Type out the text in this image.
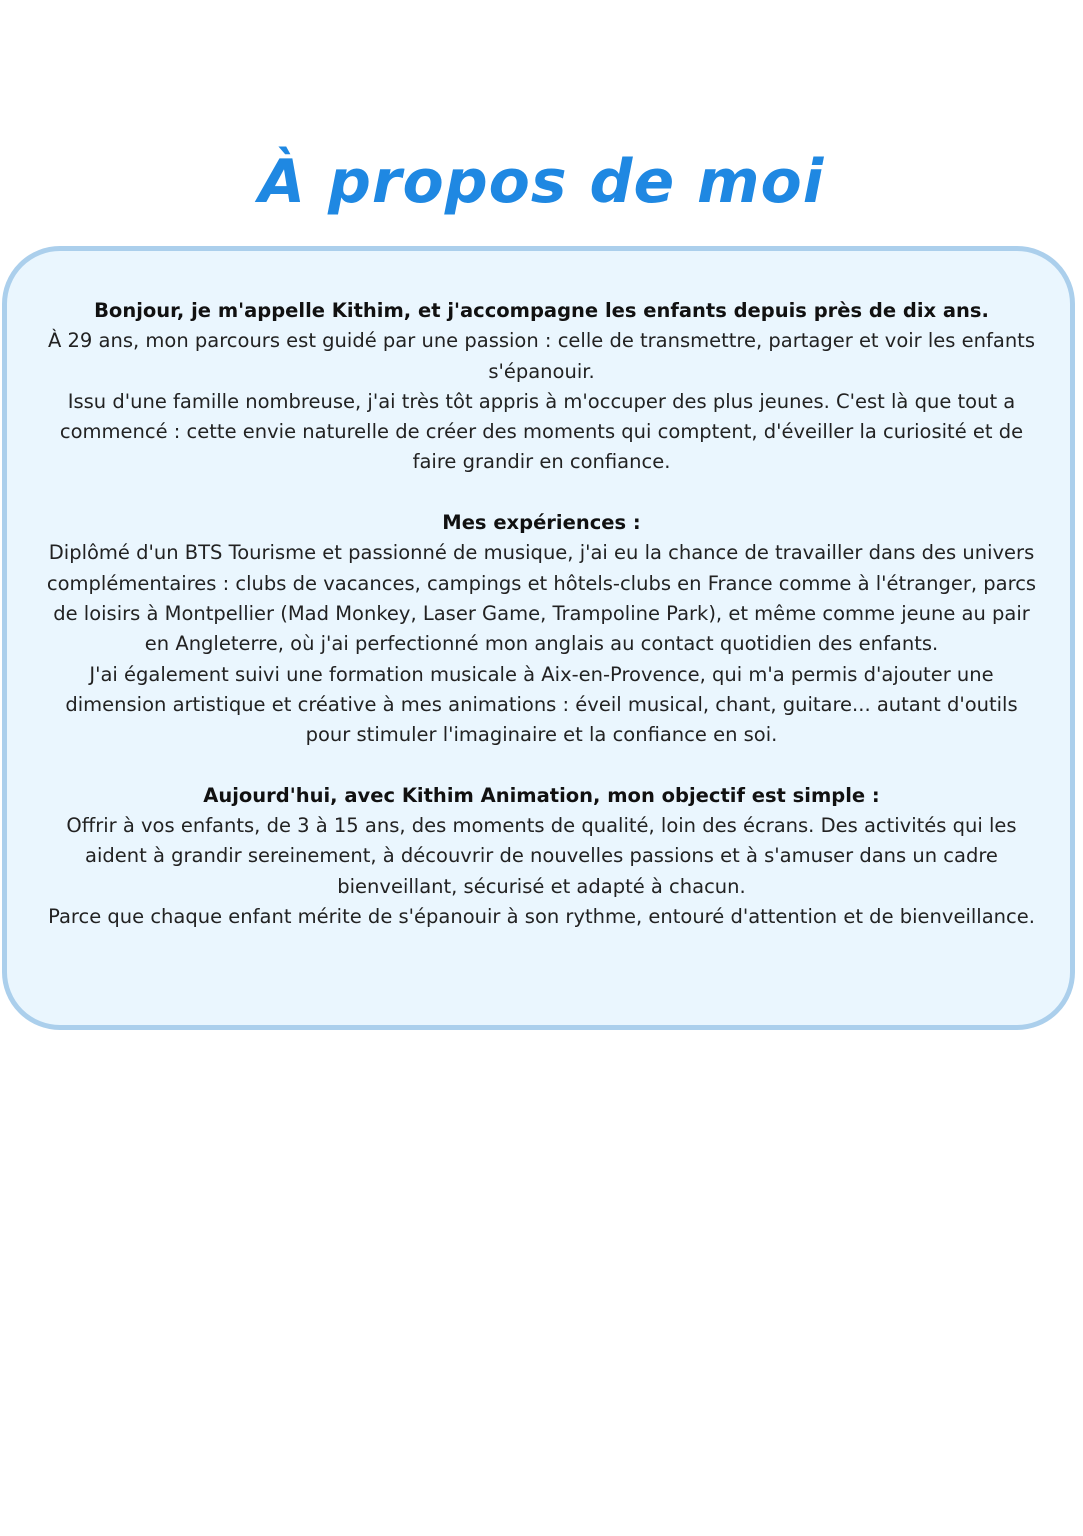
À propos de moi

Bonjour, je m'appelle Kithim, et j'accompagne les enfants depuis près de dix ans.

À 29 ans, mon parcours est guidé par une passion : celle de transmettre, partager et voir les enfants s'épanouir.

Issu d'une famille nombreuse, j'ai très tôt appris à m'occuper des plus jeunes. C'est là que tout a commencé : cette envie naturelle de créer des moments qui comptent, d'éveiller la curiosité et de faire grandir en confiance.

Mes expériences :

Diplômé d'un BTS Tourisme et passionné de musique, j'ai eu la chance de travailler dans des univers complémentaires : clubs de vacances, campings et hôtels-clubs en France comme à l'étranger, parcs de loisirs à Montpellier (Mad Monkey, Laser Game, Trampoline Park), et même comme jeune au pair en Angleterre, où j'ai perfectionné mon anglais au contact quotidien des enfants.

J'ai également suivi une formation musicale à Aix-en-Provence, qui m'a permis d'ajouter une dimension artistique et créative à mes animations : éveil musical, chant, guitare... autant d'outils pour stimuler l'imaginaire et la confiance en soi.

Aujourd'hui, avec Kithim Animation, mon objectif est simple :

Offrir à vos enfants, de 3 à 15 ans, des moments de qualité, loin des écrans. Des activités qui les aident à grandir sereinement, à découvrir de nouvelles passions et à s'amuser dans un cadre bienveillant, sécurisé et adapté à chacun.

Parce que chaque enfant mérite de s'épanouir à son rythme, entouré d'attention et de bienveillance.
